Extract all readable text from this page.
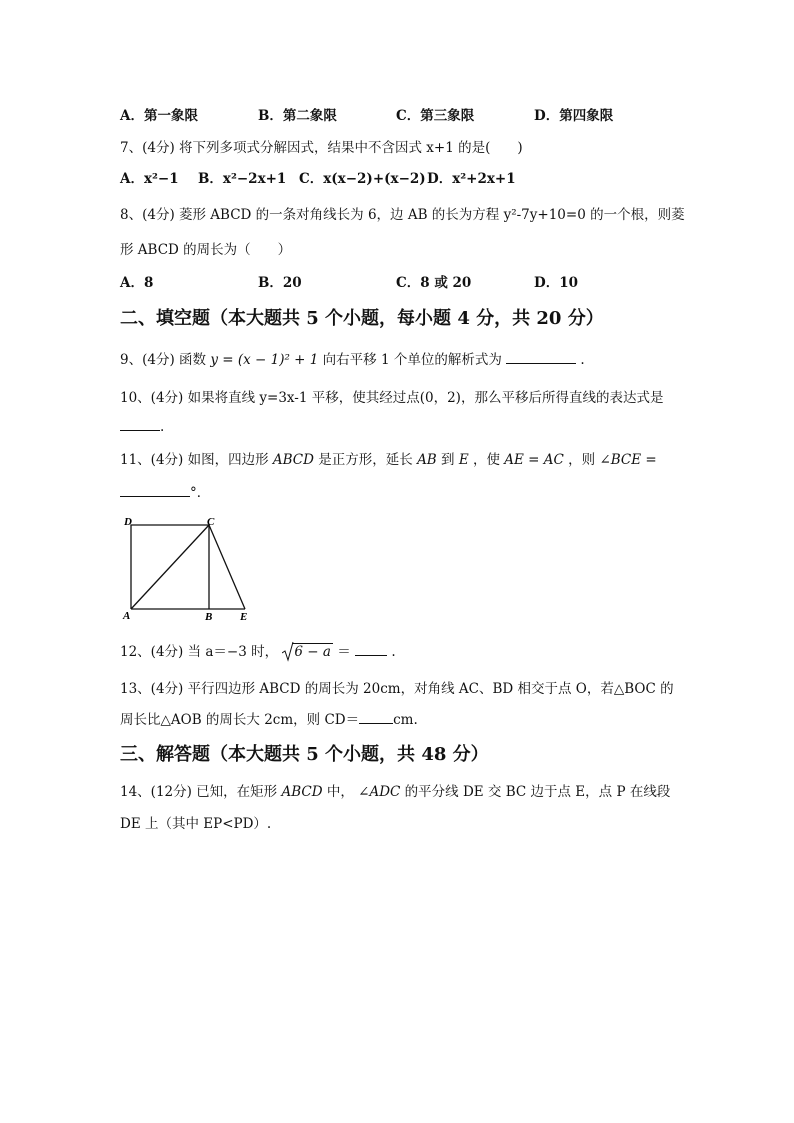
A．第一象限	B．第二象限	C．第三象限	D．第四象限
7、(4分) 将下列多项式分解因式，结果中不含因式 x+1 的是(　　)
A．x²−1 B．x²−2x+1 C．x(x−2)+(x−2) D．x²+2x+1
8、(4分) 菱形 ABCD 的一条对角线长为 6，边 AB 的长为方程 y²-7y+10=0 的一个根，则菱
形 ABCD 的周长为（　　）
A．8	B．20	C．8 或 20	D．10
二、填空题（本大题共 5 个小题，每小题 4 分，共 20 分）
9、(4分) 函数 y = (x − 1)² + 1 向右平移 1 个单位的解析式为	.
10、(4分) 如果将直线 y=3x-1 平移，使其经过点(0，2)，那么平移后所得直线的表达式是
.
11、(4分) 如图，四边形 ABCD 是正方形，延长 AB 到 E ，使 AE = AC ，则 ∠BCE =
°．
D	C
A	B	E
12、(4分) 当 a＝−3 时， 6 − a ＝	.
13、(4分) 平行四边形 ABCD 的周长为 20cm，对角线 AC、BD 相交于点 O，若△BOC 的
周长比△AOB 的周长大 2cm，则 CD＝	cm.
三、解答题（本大题共 5 个小题，共 48 分）
14、(12分) 已知，在矩形 ABCD 中， ∠ADC 的平分线 DE 交 BC 边于点 E，点 P 在线段
DE 上（其中 EP<PD）.
